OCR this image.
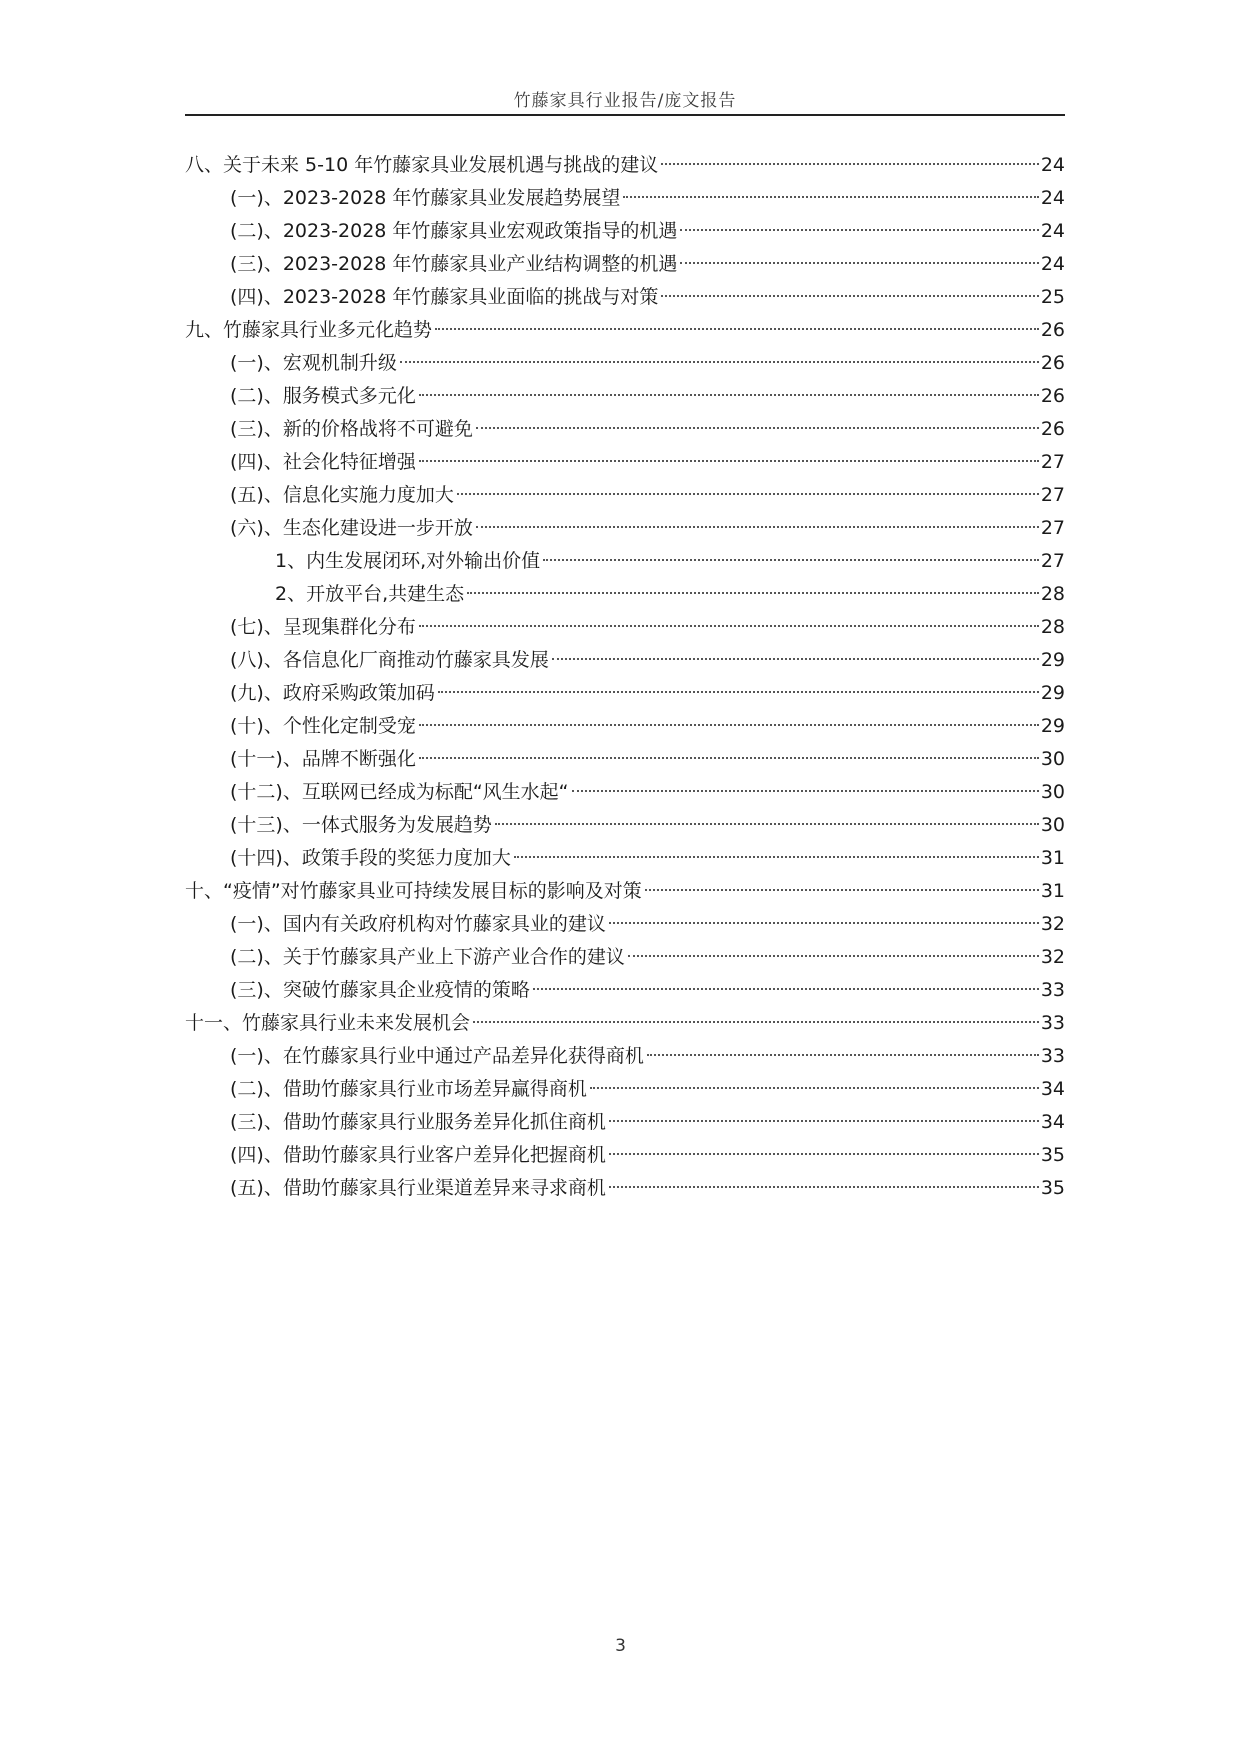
竹藤家具行业报告/庞文报告
八、关于未来 5-10 年竹藤家具业发展机遇与挑战的建议	24
(一)、2023-2028 年竹藤家具业发展趋势展望	24
(二)、2023-2028 年竹藤家具业宏观政策指导的机遇	24
(三)、2023-2028 年竹藤家具业产业结构调整的机遇	24
(四)、2023-2028 年竹藤家具业面临的挑战与对策	25
九、竹藤家具行业多元化趋势	26
(一)、宏观机制升级	26
(二)、服务模式多元化	26
(三)、新的价格战将不可避免	26
(四)、社会化特征增强	27
(五)、信息化实施力度加大	27
(六)、生态化建设进一步开放	27
1、内生发展闭环,对外输出价值	27
2、开放平台,共建生态	28
(七)、呈现集群化分布	28
(八)、各信息化厂商推动竹藤家具发展	29
(九)、政府采购政策加码	29
(十)、个性化定制受宠	29
(十一)、品牌不断强化	30
(十二)、互联网已经成为标配“风生水起“	30
(十三)、一体式服务为发展趋势	30
(十四)、政策手段的奖惩力度加大	31
十、“疫情”对竹藤家具业可持续发展目标的影响及对策	31
(一)、国内有关政府机构对竹藤家具业的建议	32
(二)、关于竹藤家具产业上下游产业合作的建议	32
(三)、突破竹藤家具企业疫情的策略	33
十一、竹藤家具行业未来发展机会	33
(一)、在竹藤家具行业中通过产品差异化获得商机	33
(二)、借助竹藤家具行业市场差异赢得商机	34
(三)、借助竹藤家具行业服务差异化抓住商机	34
(四)、借助竹藤家具行业客户差异化把握商机	35
(五)、借助竹藤家具行业渠道差异来寻求商机	35
3
